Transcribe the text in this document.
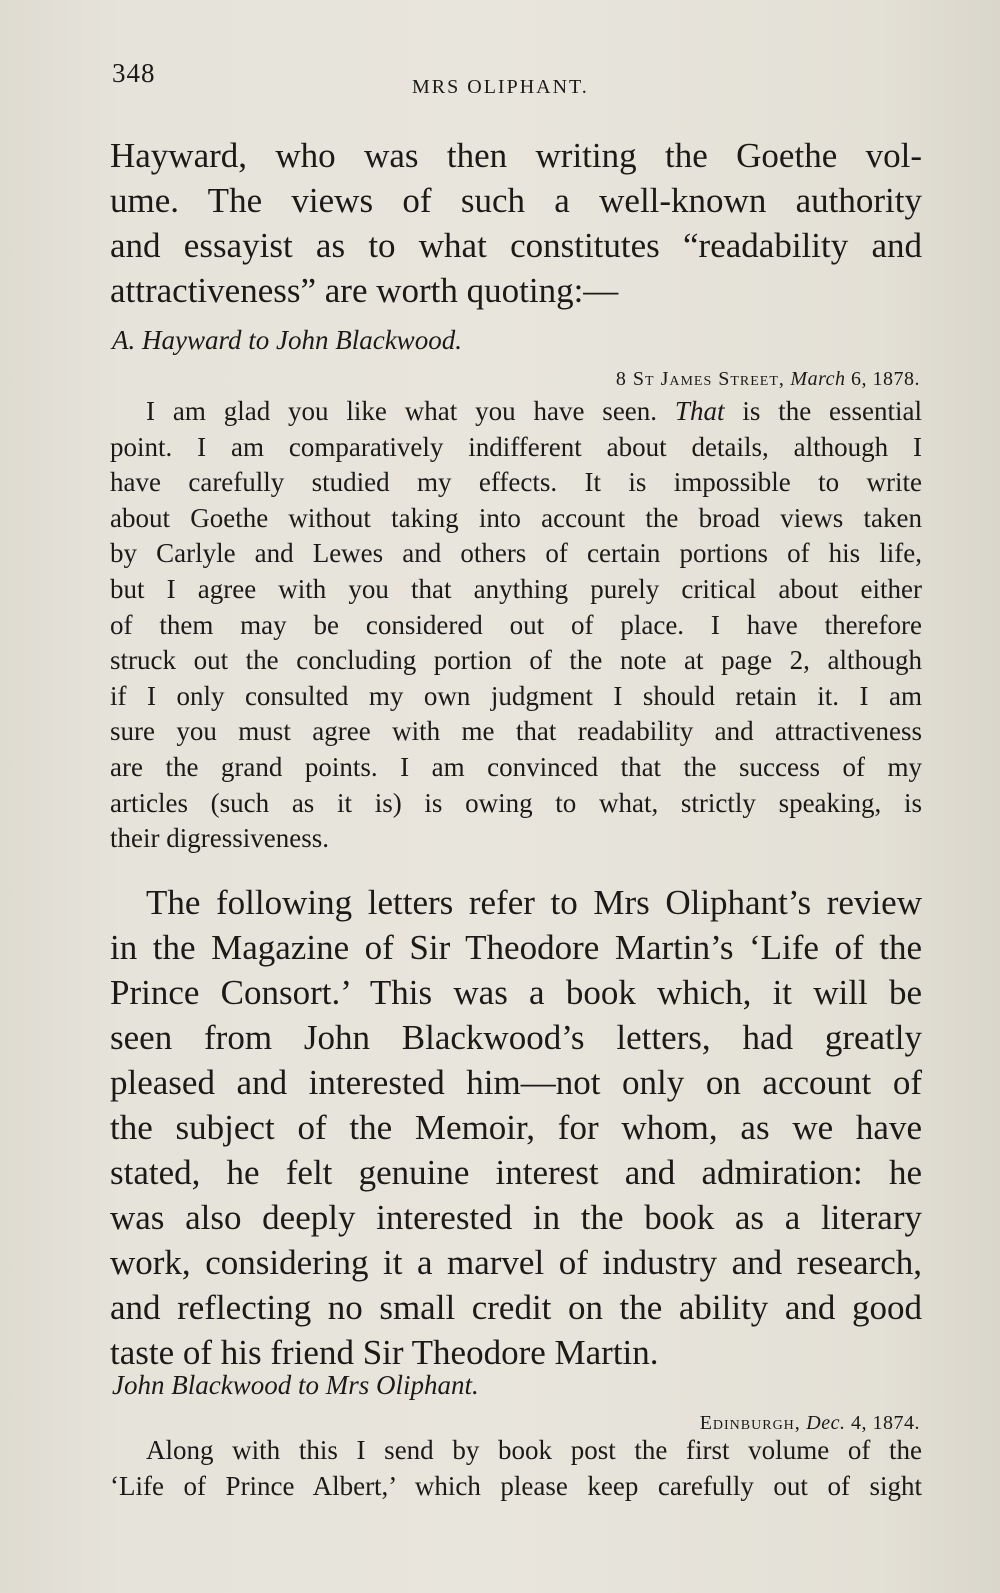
348	MRS OLIPHANT.
Hayward, who was then writing the Goethe vol-
ume. The views of such a well-known authority
and essayist as to what constitutes “readability and
attractiveness” are worth quoting:—
A. Hayward to John Blackwood.
8 St James Street, March 6, 1878.
I am glad you like what you have seen. That is the essential
point. I am comparatively indifferent about details, although I
have carefully studied my effects. It is impossible to write
about Goethe without taking into account the broad views taken
by Carlyle and Lewes and others of certain portions of his life,
but I agree with you that anything purely critical about either
of them may be considered out of place. I have therefore
struck out the concluding portion of the note at page 2, although
if I only consulted my own judgment I should retain it. I am
sure you must agree with me that readability and attractiveness
are the grand points. I am convinced that the success of my
articles (such as it is) is owing to what, strictly speaking, is
their digressiveness.
The following letters refer to Mrs Oliphant’s review
in the Magazine of Sir Theodore Martin’s ‘Life of the
Prince Consort.’ This was a book which, it will be
seen from John Blackwood’s letters, had greatly
pleased and interested him—not only on account of
the subject of the Memoir, for whom, as we have
stated, he felt genuine interest and admiration: he
was also deeply interested in the book as a literary
work, considering it a marvel of industry and research,
and reflecting no small credit on the ability and good
taste of his friend Sir Theodore Martin.
John Blackwood to Mrs Oliphant.
Edinburgh, Dec. 4, 1874.
Along with this I send by book post the first volume of the
‘Life of Prince Albert,’ which please keep carefully out of sight
